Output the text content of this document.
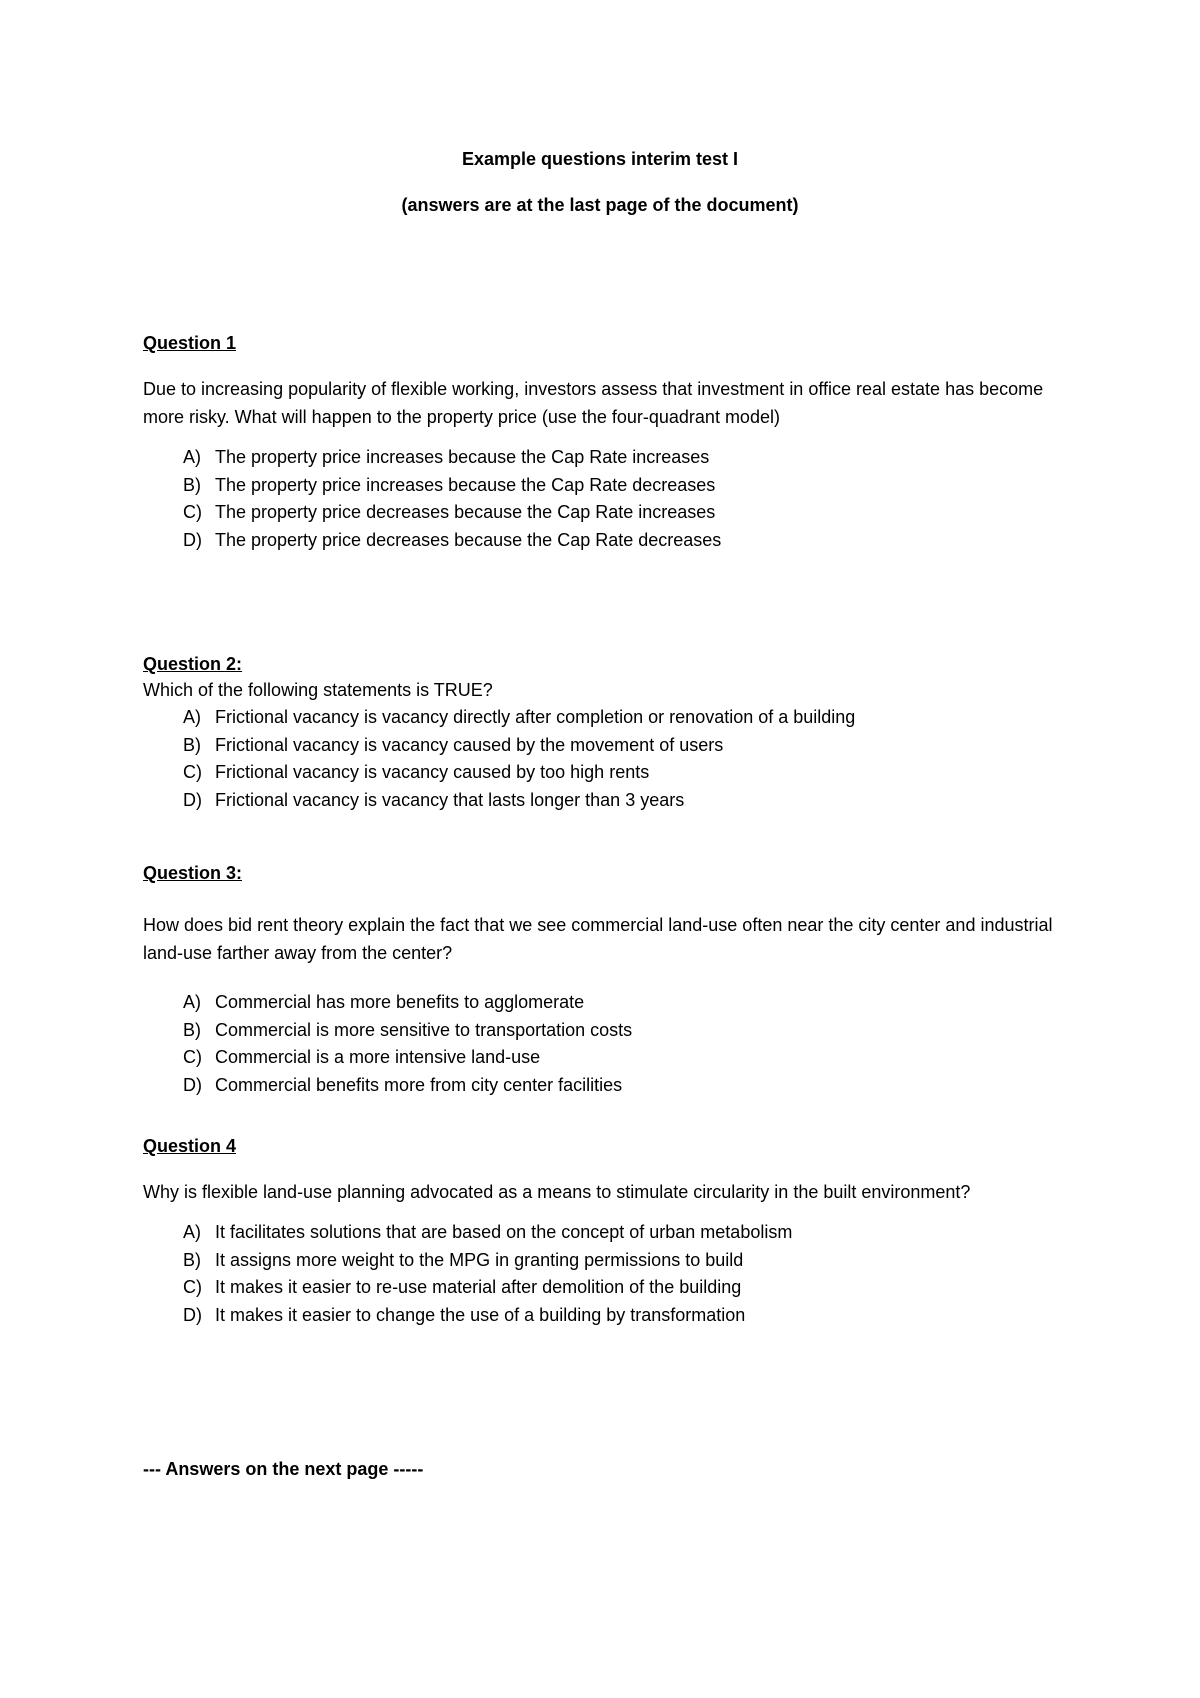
Example questions interim test I
(answers are at the last page of the document)

Question 1

Due to increasing popularity of flexible working, investors assess that investment in office real estate has become more risky. What will happen to the property price (use the four-quadrant model)

A) The property price increases because the Cap Rate increases
B) The property price increases because the Cap Rate decreases
C) The property price decreases because the Cap Rate increases
D) The property price decreases because the Cap Rate decreases

Question 2:

Which of the following statements is TRUE?

A) Frictional vacancy is vacancy directly after completion or renovation of a building
B) Frictional vacancy is vacancy caused by the movement of users
C) Frictional vacancy is vacancy caused by too high rents
D) Frictional vacancy is vacancy that lasts longer than 3 years

Question 3:

How does bid rent theory explain the fact that we see commercial land-use often near the city center and industrial land-use farther away from the center?

A) Commercial has more benefits to agglomerate
B) Commercial is more sensitive to transportation costs
C) Commercial is a more intensive land-use
D) Commercial benefits more from city center facilities

Question 4

Why is flexible land-use planning advocated as a means to stimulate circularity in the built environment?

A) It facilitates solutions that are based on the concept of urban metabolism
B) It assigns more weight to the MPG in granting permissions to build
C) It makes it easier to re-use material after demolition of the building
D) It makes it easier to change the use of a building by transformation
--- Answers on the next page -----
